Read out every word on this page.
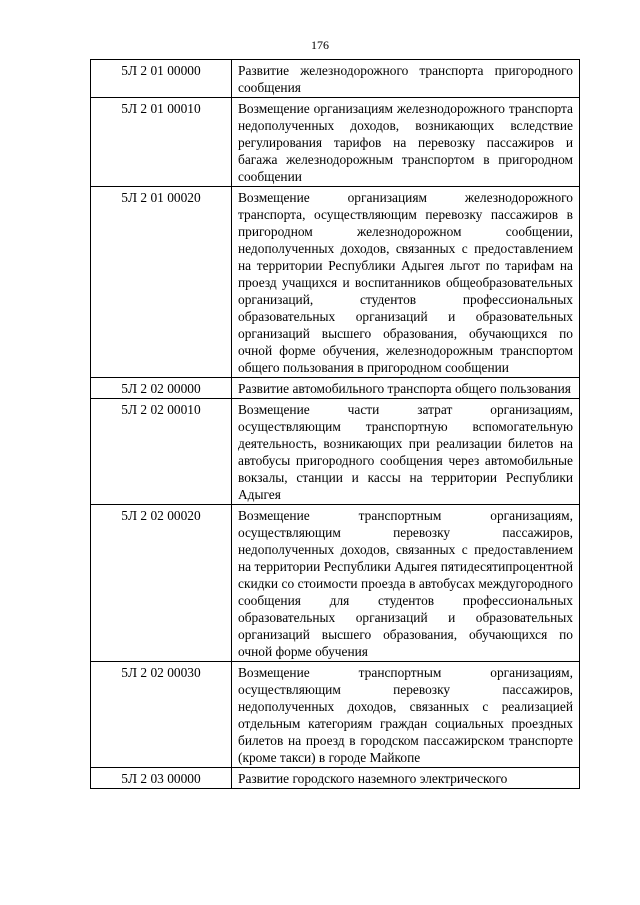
176
5Л 2 01 00000	Развитие железнодорожного транспорта пригородного сообщения
5Л 2 01 00010	Возмещение организациям железнодорожного транспорта недополученных доходов, возникающих вследствие регулирования тарифов на перевозку пассажиров и багажа железнодорожным транспортом в пригородном сообщении
5Л 2 01 00020	Возмещение организациям железнодорожного транспорта, осуществляющим перевозку пассажиров в пригородном железнодорожном сообщении, недополученных доходов, связанных с предоставлением на территории Республики Адыгея льгот по тарифам на проезд учащихся и воспитанников общеобразовательных организаций, студентов профессиональных образовательных организаций и образовательных организаций высшего образования, обучающихся по очной форме обучения, железнодорожным транспортом общего пользования в пригородном сообщении
5Л 2 02 00000	Развитие автомобильного транспорта общего пользования
5Л 2 02 00010	Возмещение части затрат организациям, осуществляющим транспортную вспомогательную деятельность, возникающих при реализации билетов на автобусы пригородного сообщения через автомобильные вокзалы, станции и кассы на территории Республики Адыгея
5Л 2 02 00020	Возмещение транспортным организациям, осуществляющим перевозку пассажиров, недополученных доходов, связанных с предоставлением на территории Республики Адыгея пятидесятипроцентной скидки со стоимости проезда в автобусах междугородного сообщения для студентов профессиональных образовательных организаций и образовательных организаций высшего образования, обучающихся по очной форме обучения
5Л 2 02 00030	Возмещение транспортным организациям, осуществляющим перевозку пассажиров, недополученных доходов, связанных с реализацией отдельным категориям граждан социальных проездных билетов на проезд в городском пассажирском транспорте (кроме такси) в городе Майкопе
5Л 2 03 00000	Развитие городского наземного электрического
